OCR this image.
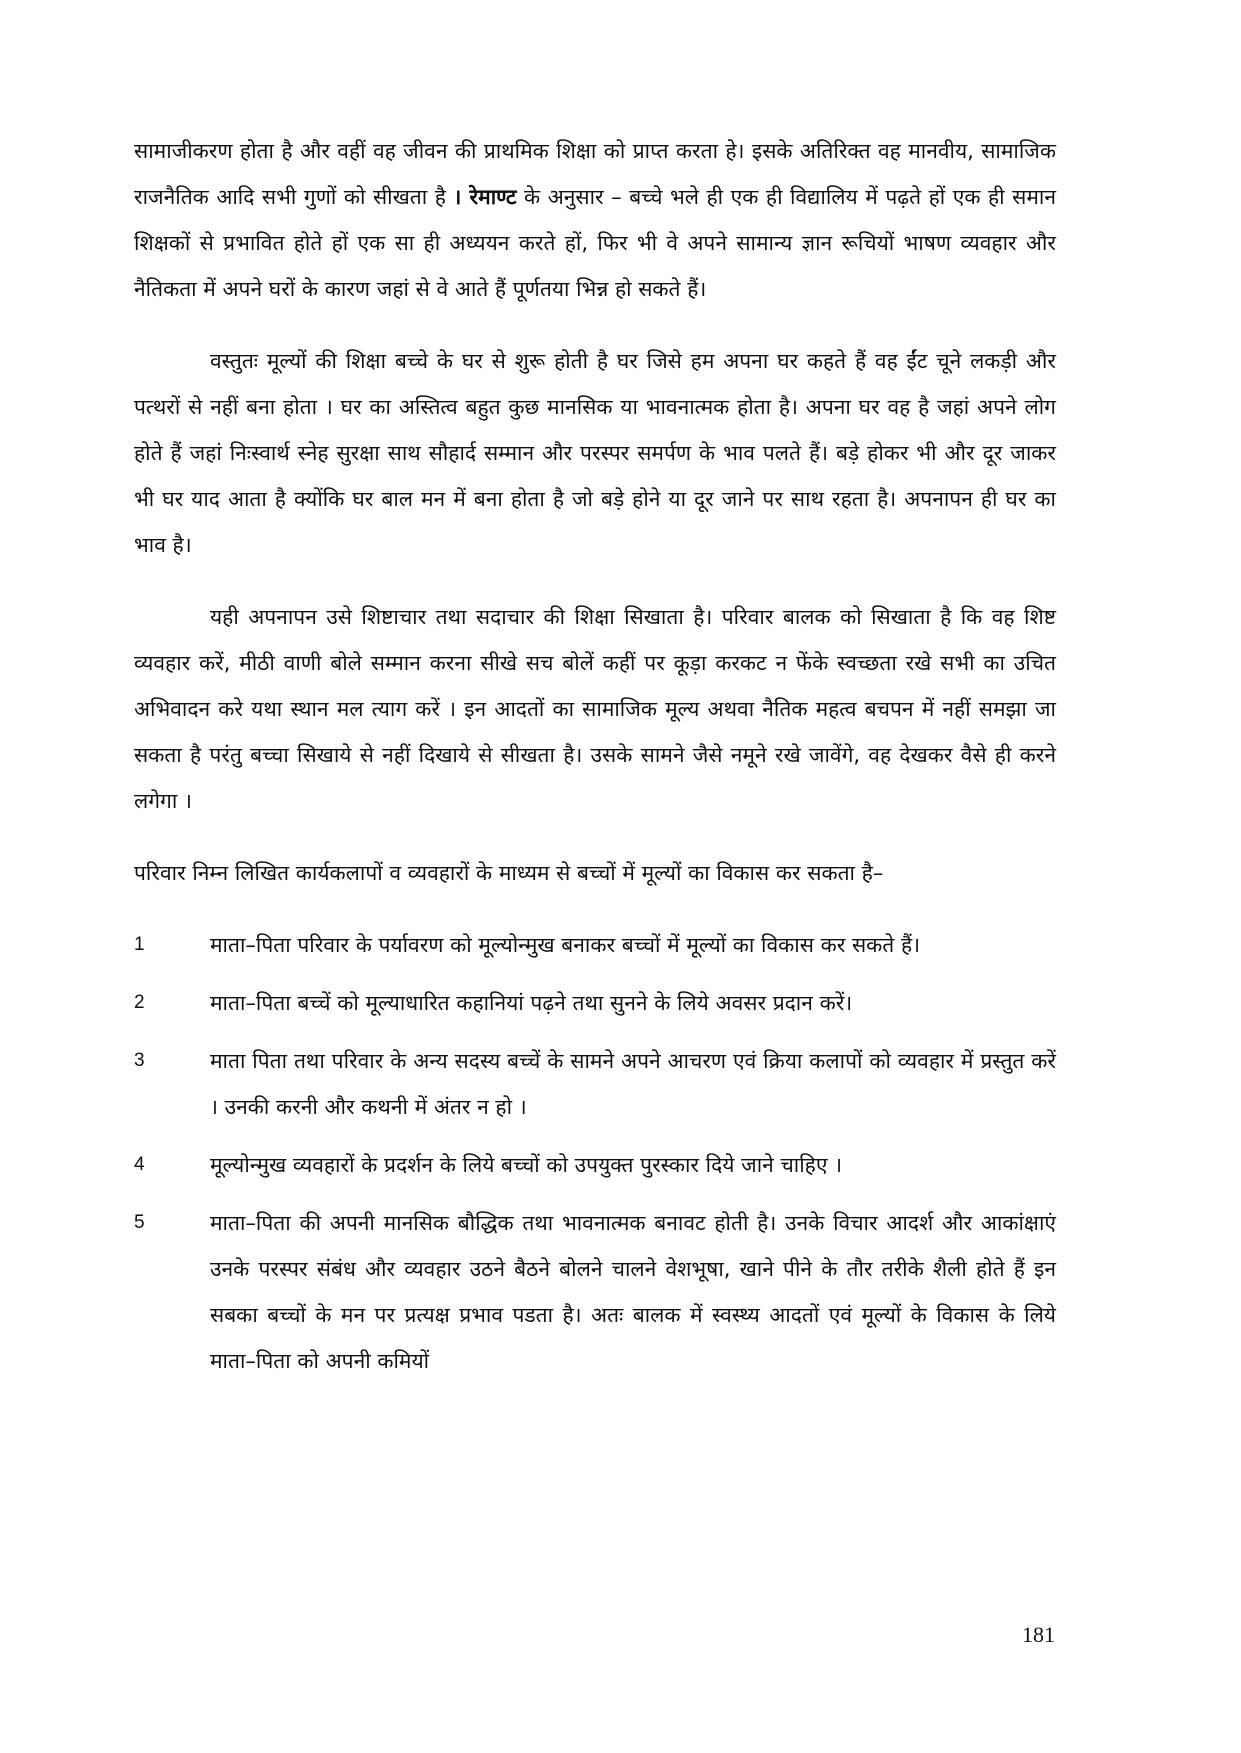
सामाजीकरण होता है और वहीं वह जीवन की प्राथमिक शिक्षा को प्राप्त करता हे। इसके अतिरिक्त वह मानवीय, सामाजिक राजनैतिक आदि सभी गुणों को सीखता है । रेमाण्ट के अनुसार – बच्चे भले ही एक ही विद्यालिय में पढ़ते हों एक ही समान शिक्षकों से प्रभावित होते हों एक सा ही अध्ययन करते हों, फिर भी वे अपने सामान्य ज्ञान रूचियों भाषण व्यवहार और नैतिकता में अपने घरों के कारण जहां से वे आते हैं पूर्णतया भिन्न हो सकते हैं।

वस्तुतः मूल्यों की शिक्षा बच्चे के घर से शुरू होती है घर जिसे हम अपना घर कहते हैं वह ईंट चूने लकड़ी और पत्थरों से नहीं बना होता । घर का अस्तित्व बहुत कुछ मानसिक या भावनात्मक होता है। अपना घर वह है जहां अपने लोग होते हैं जहां निःस्वार्थ स्नेह सुरक्षा साथ सौहार्द सम्मान और परस्पर समर्पण के भाव पलते हैं। बड़े होकर भी और दूर जाकर भी घर याद आता है क्योंकि घर बाल मन में बना होता है जो बड़े होने या दूर जाने पर साथ रहता है। अपनापन ही घर का भाव है।

यही अपनापन उसे शिष्टाचार तथा सदाचार की शिक्षा सिखाता है। परिवार बालक को सिखाता है कि वह शिष्ट व्यवहार करें, मीठी वाणी बोले सम्मान करना सीखे सच बोलें कहीं पर कूड़ा करकट न फेंके स्वच्छता रखे सभी का उचित अभिवादन करे यथा स्थान मल त्याग करें । इन आदतों का सामाजिक मूल्य अथवा नैतिक महत्व बचपन में नहीं समझा जा सकता है परंतु बच्चा सिखाये से नहीं दिखाये से सीखता है। उसके सामने जैसे नमूने रखे जावेंगे, वह देखकर वैसे ही करने लगेगा ।

परिवार निम्न लिखित कार्यकलापों व व्यवहारों के माध्यम से बच्चों में मूल्यों का विकास कर सकता है–

1	माता–पिता परिवार के पर्यावरण को मूल्योन्मुख बनाकर बच्चों में मूल्यों का विकास कर सकते हैं।
2	माता–पिता बच्चें को मूल्याधारित कहानियां पढ़ने तथा सुनने के लिये अवसर प्रदान करें।
3	माता पिता तथा परिवार के अन्य सदस्य बच्चें के सामने अपने आचरण एवं क्रिया कलापों को व्यवहार में प्रस्तुत करें । उनकी करनी और कथनी में अंतर न हो ।
4	मूल्योन्मुख व्यवहारों के प्रदर्शन के लिये बच्चों को उपयुक्त पुरस्कार दिये जाने चाहिए ।
5	माता–पिता की अपनी मानसिक बौद्धिक तथा भावनात्मक बनावट होती है। उनके विचार आदर्श और आकांक्षाएं उनके परस्पर संबंध और व्यवहार उठने बैठने बोलने चालने वेशभूषा, खाने पीने के तौर तरीके शैली होते हैं इन सबका बच्चों के मन पर प्रत्यक्ष प्रभाव पडता है। अतः बालक में स्वस्थ्य आदतों एवं मूल्यों के विकास के लिये माता–पिता को अपनी कमियों
181
